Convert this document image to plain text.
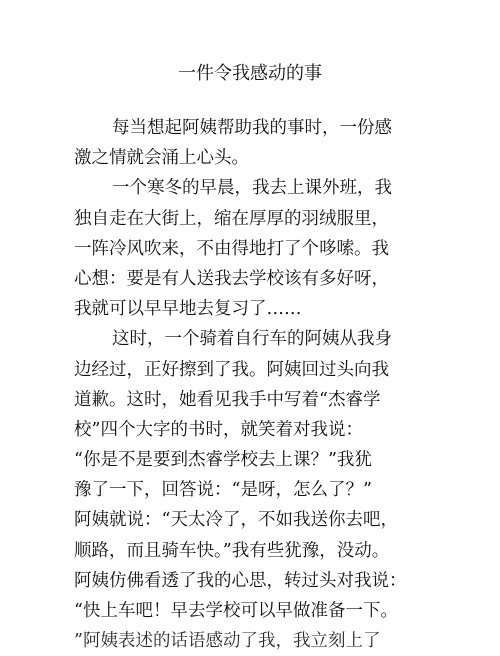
一件令我感动的事
每当想起阿姨帮助我的事时，一份感
激之情就会涌上心头。
一个寒冬的早晨，我去上课外班，我
独自走在大街上，缩在厚厚的羽绒服里，
一阵冷风吹来，不由得地打了个哆嗦。我
心想：要是有人送我去学校该有多好呀，
我就可以早早地去复习了……
这时，一个骑着自行车的阿姨从我身
边经过，正好擦到了我。阿姨回过头向我
道歉。这时，她看见我手中写着“杰睿学
校”四个大字的书时，就笑着对我说：
“你是不是要到杰睿学校去上课？”我犹
豫了一下，回答说：“是呀，怎么了？”
阿姨就说：“天太冷了，不如我送你去吧，
顺路，而且骑车快。”我有些犹豫，没动。
阿姨仿佛看透了我的心思，转过头对我说：
“快上车吧！早去学校可以早做准备一下。
”阿姨表述的话语感动了我，我立刻上了
